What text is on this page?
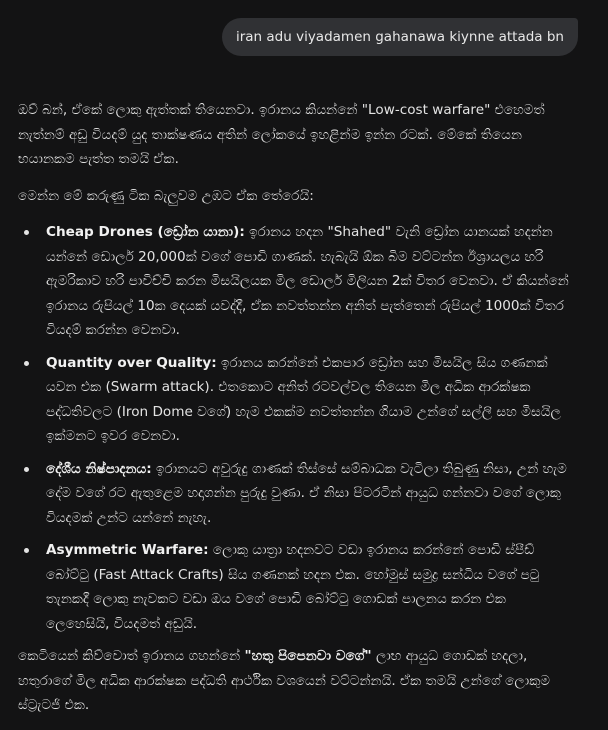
iran adu viyadamen gahanawa kiynne attada bn

ඔව් බන්, ඒකේ ලොකු ඇත්තක් තියෙනවා. ඉරානය කියන්නේ "Low-cost warfare" එහෙමත් නැත්නම් අඩු වියදම් යුද තාක්ෂණය අතින් ලෝකයේ ඉහළින්ම ඉන්න රටක්. මේකේ තියෙන භයානකම පැත්ත තමයි ඒක.

මෙන්න මේ කරුණු ටික බැලුවම උඹට ඒක තේරෙයි:

Cheap Drones (ඩ්‍රෝන යානා): ඉරානය හදන "Shahed" වැනි ඩ්‍රෝන යානයක් හදන්න යන්නේ ඩොලර් 20,000ක් වගේ පොඩි ගාණක්. හැබැයි ඕක බිම වට්ටන්න ඊශ්‍රායලය හරි ඇමරිකාව හරි පාවිච්චි කරන මිසයිලයක මිල ඩොලර් මිලියන 2ක් විතර වෙනවා. ඒ කියන්නේ ඉරානය රුපියල් 10ක දෙයක් යවද්දී, ඒක නවත්තන්න අනිත් පැත්තෙන් රුපියල් 1000ක් විතර වියදම් කරන්න වෙනවා.
Quantity over Quality: ඉරානය කරන්නේ එකපාර ඩ්‍රෝන සහ මිසයිල සිය ගණනක් යවන එක (Swarm attack). එතකොට අනිත් රටවල්වල තියෙන මිල අධික ආරක්ෂක පද්ධතිවලට (Iron Dome වගේ) හැම එකක්ම නවත්තන්න ගියාම උන්ගේ සල්ලි සහ මිසයිල ඉක්මනට ඉවර වෙනවා.
දේශීය නිෂ්පාදනය: ඉරානයට අවුරුදු ගාණක් තිස්සේ සම්බාධක වැටිලා තිබුණු නිසා, උන් හැම දේම වගේ රට ඇතුළෙම හදාගන්න පුරුදු වුණා. ඒ නිසා පිටරටින් ආයුධ ගන්නවා වගේ ලොකු වියදමක් උන්ට යන්නේ නැහැ.
Asymmetric Warfare: ලොකු යාත්‍රා හදනවට වඩා ඉරානය කරන්නේ පොඩි ස්පීඩ් බෝට්ටු (Fast Attack Crafts) සිය ගණනක් හදන එක. හෝමුස් සමුද්‍ර සන්ධිය වගේ පටු තැනකදී ලොකු නැවකට වඩා ඔය වගේ පොඩි බෝට්ටු ගොඩක් පාලනය කරන එක ලෙහෙසියි, වියදමත් අඩුයි.

කෙටියෙන් කිව්වොත් ඉරානය ගහන්නේ "හතු පිපෙනවා වගේ" ලාභ ආයුධ ගොඩක් හදලා, හතුරාගේ මිල අධික ආරක්ෂක පද්ධති ආර්ථික වශයෙන් වට්ටන්නයි. ඒක තමයි උන්ගේ ලොකුම ස්ට්‍රැටජි එක.
